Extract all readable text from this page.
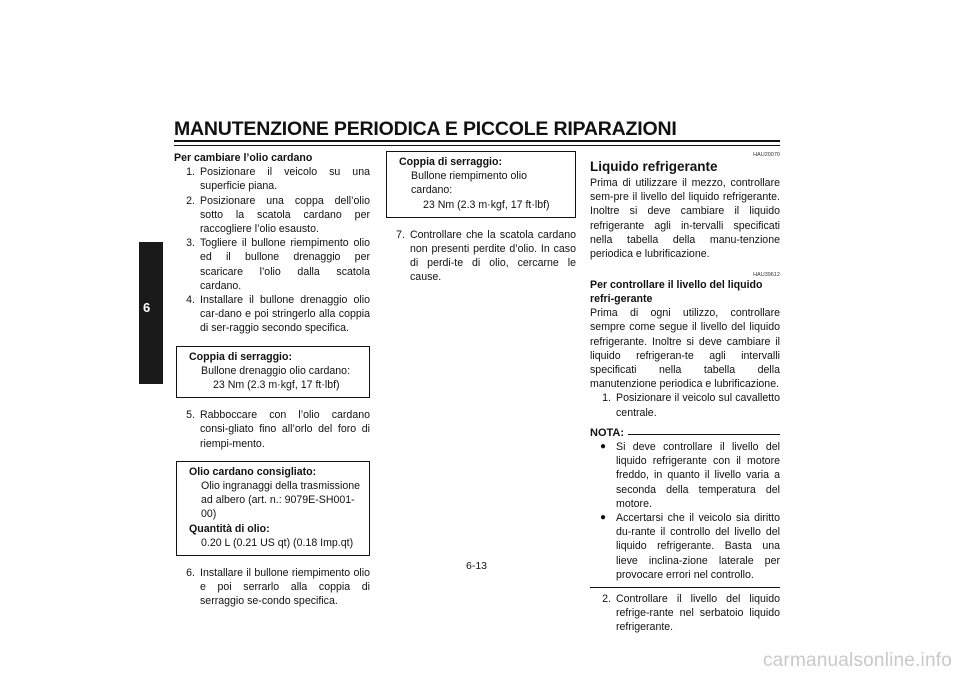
MANUTENZIONE PERIODICA E PICCOLE RIPARAZIONI
6
Per cambiare l’olio cardano
1. Posizionare il veicolo su una superficie piana.
2. Posizionare una coppa dell’olio sotto la scatola cardano per raccogliere l’olio esausto.
3. Togliere il bullone riempimento olio ed il bullone drenaggio per scaricare l’olio dalla scatola cardano.
4. Installare il bullone drenaggio olio car-dano e poi stringerlo alla coppia di ser-raggio secondo specifica.
Coppia di serraggio:
Bullone drenaggio olio cardano:
23 Nm (2.3 m·kgf, 17 ft·lbf)
5. Rabboccare con l’olio cardano consi-gliato fino all’orlo del foro di riempi-mento.
Olio cardano consigliato:
Olio ingranaggi della trasmissione ad albero (art. n.: 9079E-SH001-00)
Quantità di olio:
0.20 L (0.21 US qt) (0.18 Imp.qt)
6. Installare il bullone riempimento olio e poi serrarlo alla coppia di serraggio se-condo specifica.
Coppia di serraggio:
Bullone riempimento olio cardano:
23 Nm (2.3 m·kgf, 17 ft·lbf)
7. Controllare che la scatola cardano non presenti perdite d’olio. In caso di perdi-te di olio, cercarne le cause.
HAU20070
Liquido refrigerante
Prima di utilizzare il mezzo, controllare sem-pre il livello del liquido refrigerante. Inoltre si deve cambiare il liquido refrigerante agli in-tervalli specificati nella tabella della manu-tenzione periodica e lubrificazione.
HAU39612
Per controllare il livello del liquido refri-gerante
Prima di ogni utilizzo, controllare sempre come segue il livello del liquido refrigerante. Inoltre si deve cambiare il liquido refrigeran-te agli intervalli specificati nella tabella della manutenzione periodica e lubrificazione.
1. Posizionare il veicolo sul cavalletto centrale.
NOTA:
● Si deve controllare il livello del liquido refrigerante con il motore freddo, in quanto il livello varia a seconda della temperatura del motore.
● Accertarsi che il veicolo sia diritto du-rante il controllo del livello del liquido refrigerante. Basta una lieve inclina-zione laterale per provocare errori nel controllo.
2. Controllare il livello del liquido refrige-rante nel serbatoio liquido refrigerante.
6-13
carmanualsonline.info
